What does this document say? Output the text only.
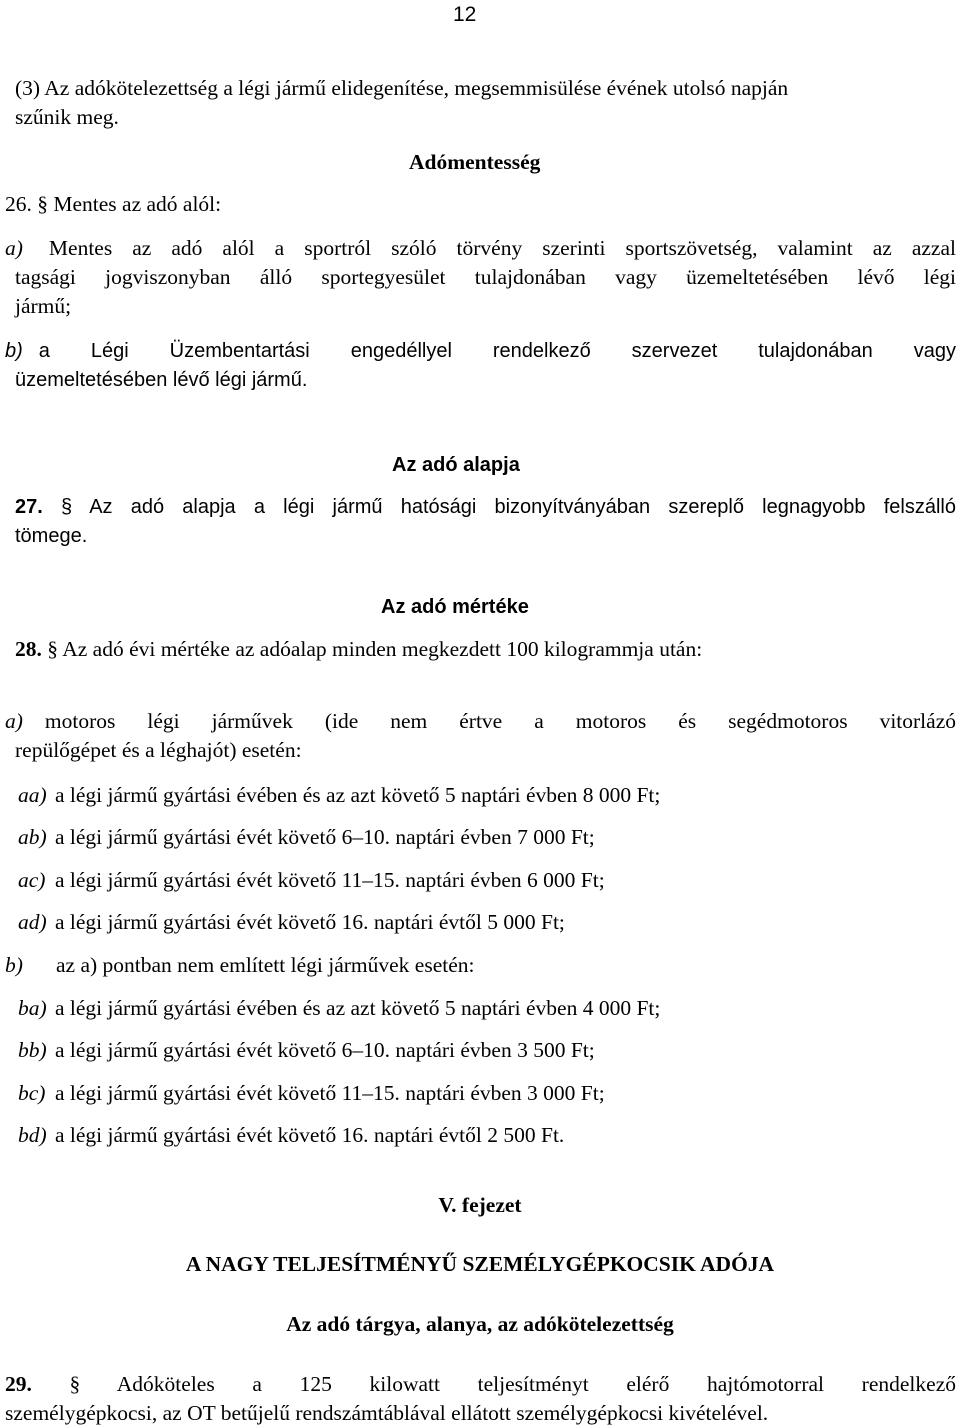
12
(3) Az adókötelezettség a légi jármű elidegenítése, megsemmisülése évének utolsó napján
szűnik meg.
Adómentesség
26. § Mentes az adó alól:
a) Mentes az adó alól a sportról szóló törvény szerinti sportszövetség, valamint az azzal
tagsági jogviszonyban álló sportegyesület tulajdonában vagy üzemeltetésében lévő légi
jármű;
b) a Légi Üzembentartási engedéllyel rendelkező szervezet tulajdonában vagy
üzemeltetésében lévő légi jármű.
Az adó alapja
27. § Az adó alapja a légi jármű hatósági bizonyítványában szereplő legnagyobb felszálló
tömege.
Az adó mértéke
28. § Az adó évi mértéke az adóalap minden megkezdett 100 kilogrammja után:
a) motoros légi járművek (ide nem értve a motoros és segédmotoros vitorlázó
repülőgépet és a léghajót) esetén:
aa) a légi jármű gyártási évében és az azt követő 5 naptári évben 8 000 Ft;
ab) a légi jármű gyártási évét követő 6–10. naptári évben 7 000 Ft;
ac) a légi jármű gyártási évét követő 11–15. naptári évben 6 000 Ft;
ad) a légi jármű gyártási évét követő 16. naptári évtől 5 000 Ft;
b) az a) pontban nem említett légi járművek esetén:
ba) a légi jármű gyártási évében és az azt követő 5 naptári évben 4 000 Ft;
bb) a légi jármű gyártási évét követő 6–10. naptári évben 3 500 Ft;
bc) a légi jármű gyártási évét követő 11–15. naptári évben 3 000 Ft;
bd) a légi jármű gyártási évét követő 16. naptári évtől 2 500 Ft.
V. fejezet
A NAGY TELJESÍTMÉNYŰ SZEMÉLYGÉPKOCSIK ADÓJA
Az adó tárgya, alanya, az adókötelezettség
29. § Adóköteles a 125 kilowatt teljesítményt elérő hajtómotorral rendelkező
személygépkocsi, az OT betűjelű rendszámtáblával ellátott személygépkocsi kivételével.
